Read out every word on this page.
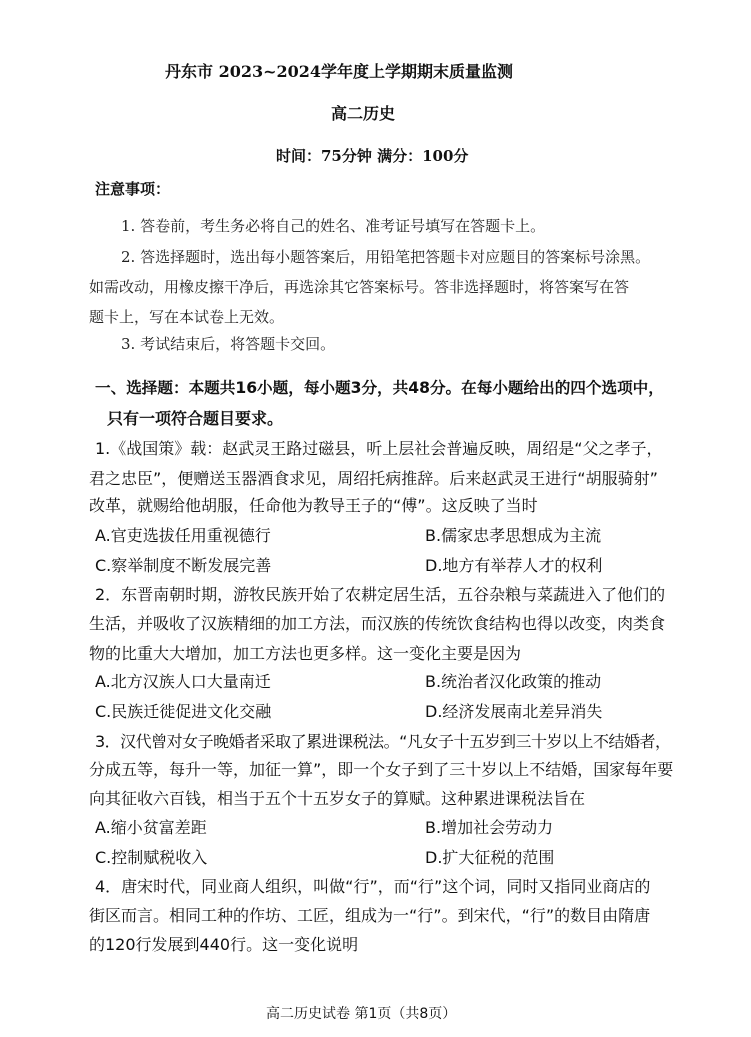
丹东市 2023~2024学年度上学期期末质量监测
高二历史
时间：75分钟 满分：100分
注意事项：
1. 答卷前，考生务必将自己的姓名、准考证号填写在答题卡上。
2. 答选择题时，选出每小题答案后，用铅笔把答题卡对应题目的答案标号涂黑。
如需改动，用橡皮擦干净后，再选涂其它答案标号。答非选择题时，将答案写在答
题卡上，写在本试卷上无效。
3. 考试结束后，将答题卡交回。
一、选择题：本题共16小题，每小题3分，共48分。在每小题给出的四个选项中，
只有一项符合题目要求。
1.《战国策》载：赵武灵王路过磁县，听上层社会普遍反映，周绍是“父之孝子，
君之忠臣”，便赠送玉器酒食求见，周绍托病推辞。后来赵武灵王进行“胡服骑射”
改革，就赐给他胡服，任命他为教导王子的“傅”。这反映了当时
A.官吏选拔任用重视德行	B.儒家忠孝思想成为主流
C.察举制度不断发展完善	D.地方有举荐人才的权利
2．东晋南朝时期，游牧民族开始了农耕定居生活，五谷杂粮与菜蔬进入了他们的
生活，并吸收了汉族精细的加工方法，而汉族的传统饮食结构也得以改变，肉类食
物的比重大大增加，加工方法也更多样。这一变化主要是因为
A.北方汉族人口大量南迁	B.统治者汉化政策的推动
C.民族迁徙促进文化交融	D.经济发展南北差异消失
3．汉代曾对女子晚婚者采取了累进课税法。“凡女子十五岁到三十岁以上不结婚者，
分成五等，每升一等，加征一算”，即一个女子到了三十岁以上不结婚，国家每年要
向其征收六百钱，相当于五个十五岁女子的算赋。这种累进课税法旨在
A.缩小贫富差距	B.增加社会劳动力
C.控制赋税收入	D.扩大征税的范围
4．唐宋时代，同业商人组织，叫做“行”，而“行”这个词，同时又指同业商店的
街区而言。相同工种的作坊、工匠，组成为一“行”。到宋代，“行”的数目由隋唐
的120行发展到440行。这一变化说明
高二历史试卷 第1页（共8页）
